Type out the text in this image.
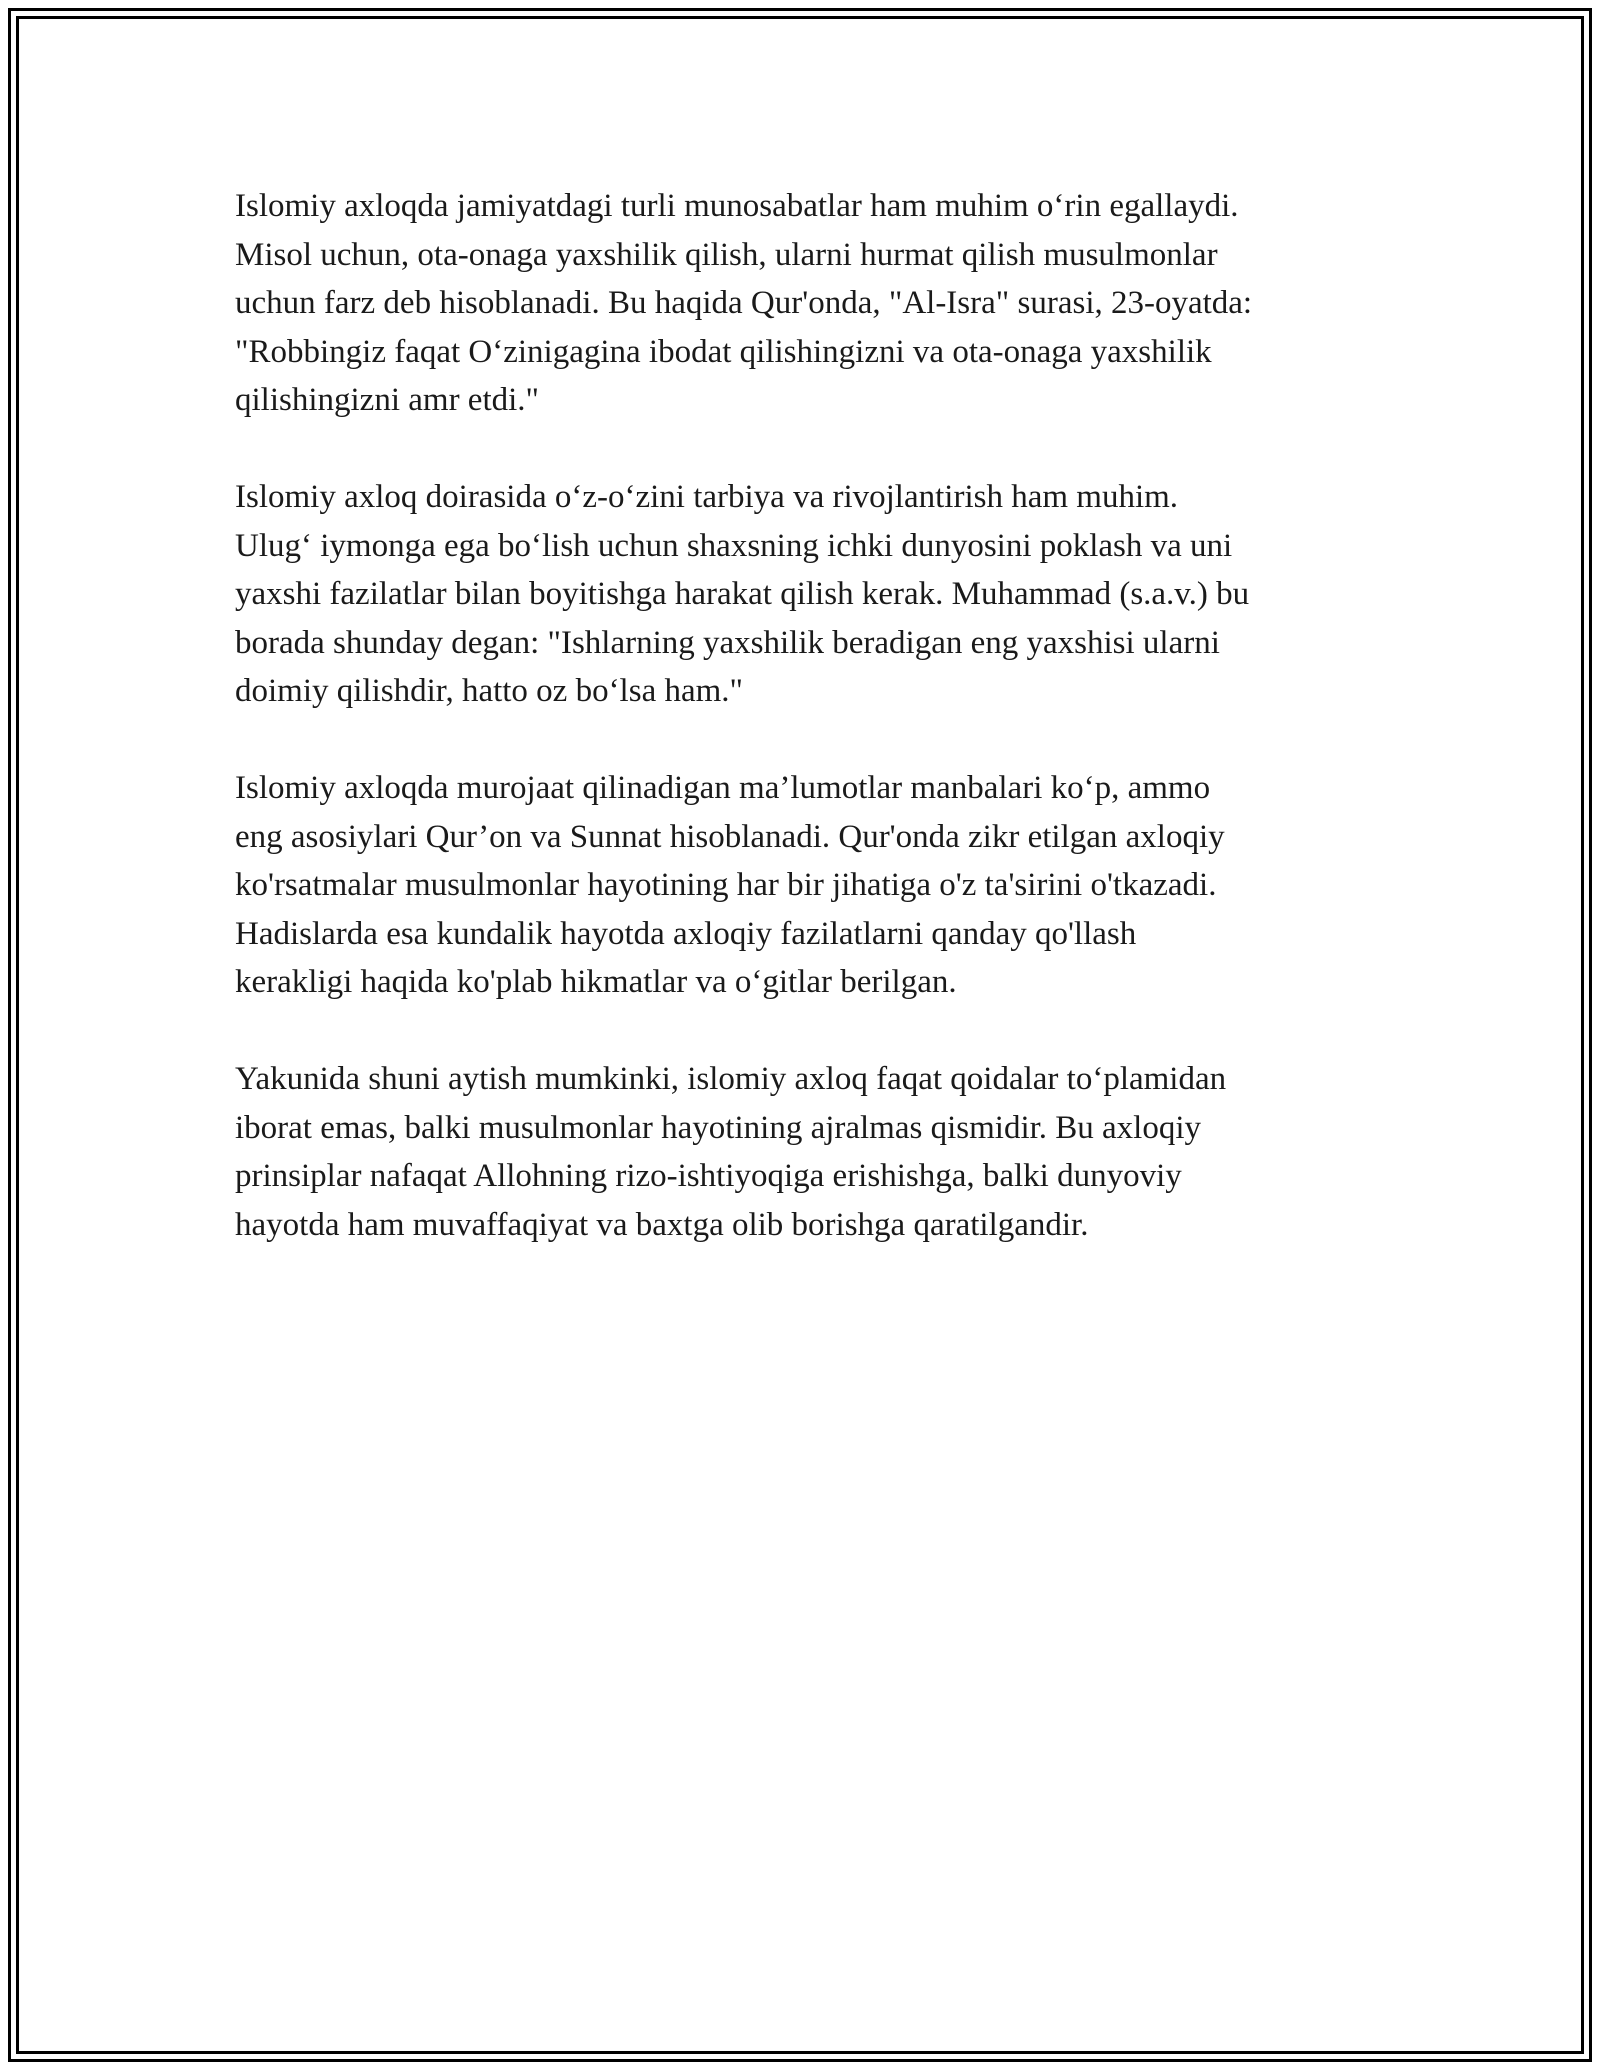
Islomiy axloqda jamiyatdagi turli munosabatlar ham muhim o‘rin egallaydi.
Misol uchun, ota-onaga yaxshilik qilish, ularni hurmat qilish musulmonlar
uchun farz deb hisoblanadi. Bu haqida Qur'onda, "Al-Isra" surasi, 23-oyatda:
"Robbingiz faqat O‘zinigagina ibodat qilishingizni va ota-onaga yaxshilik
qilishingizni amr etdi."

Islomiy axloq doirasida o‘z-o‘zini tarbiya va rivojlantirish ham muhim.
Ulug‘ iymonga ega bo‘lish uchun shaxsning ichki dunyosini poklash va uni
yaxshi fazilatlar bilan boyitishga harakat qilish kerak. Muhammad (s.a.v.) bu
borada shunday degan: "Ishlarning yaxshilik beradigan eng yaxshisi ularni
doimiy qilishdir, hatto oz bo‘lsa ham."

Islomiy axloqda murojaat qilinadigan ma’lumotlar manbalari ko‘p, ammo
eng asosiylari Qur’on va Sunnat hisoblanadi. Qur'onda zikr etilgan axloqiy
ko'rsatmalar musulmonlar hayotining har bir jihatiga o'z ta'sirini o'tkazadi.
Hadislarda esa kundalik hayotda axloqiy fazilatlarni qanday qo'llash
kerakligi haqida ko'plab hikmatlar va o‘gitlar berilgan.

Yakunida shuni aytish mumkinki, islomiy axloq faqat qoidalar to‘plamidan
iborat emas, balki musulmonlar hayotining ajralmas qismidir. Bu axloqiy
prinsiplar nafaqat Allohning rizo-ishtiyoqiga erishishga, balki dunyoviy
hayotda ham muvaffaqiyat va baxtga olib borishga qaratilgandir.
